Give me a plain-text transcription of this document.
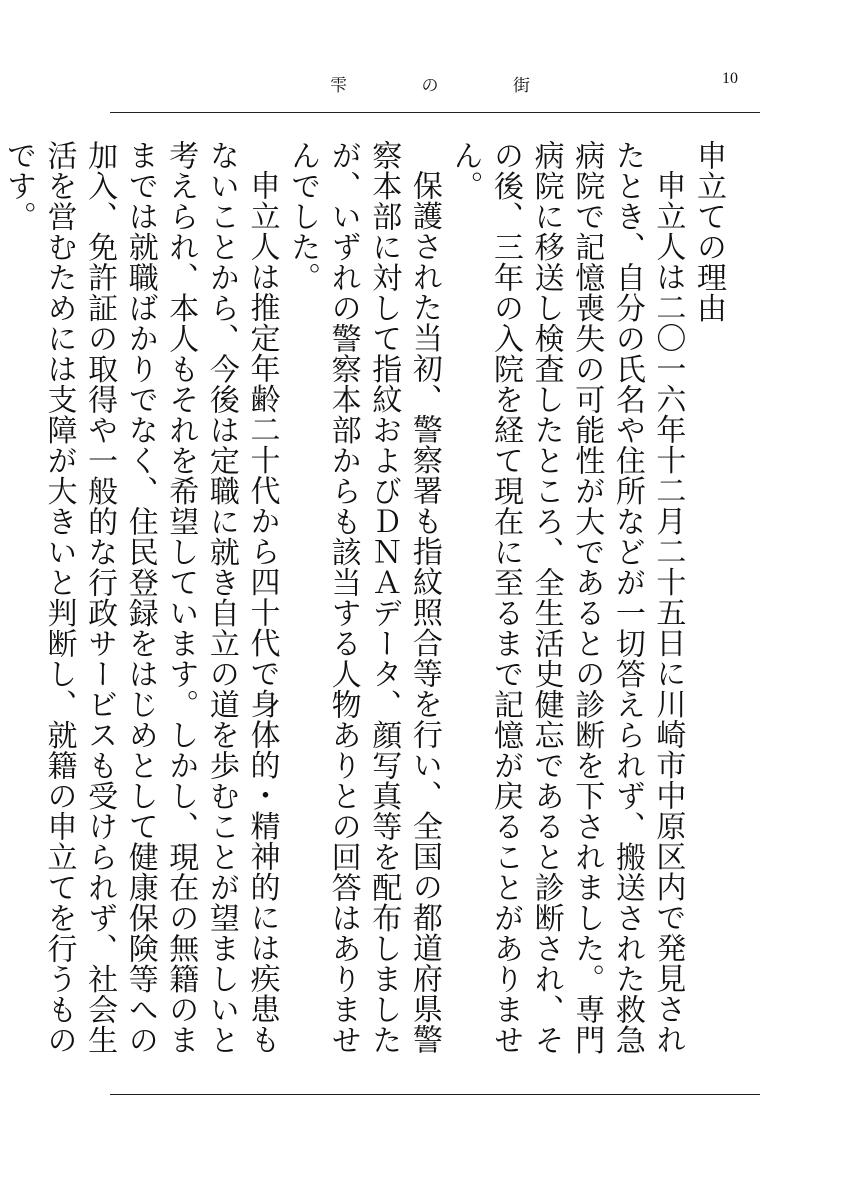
雫	の	街	10

申立ての理由

申立人は二〇一六年十二月二十五日に川崎市中原区内で発見されたとき、自分の氏名や住所などが一切答えられず、搬送された救急病院で記憶喪失の可能性が大であるとの診断を下されました。専門病院に移送し検査したところ、全生活史健忘であると診断され、その後、三年の入院を経て現在に至るまで記憶が戻ることがありません。

保護された当初、警察署も指紋照合等を行い、全国の都道府県警察本部に対して指紋およびＤＮＡデータ、顔写真等を配布しましたが、いずれの警察本部からも該当する人物ありとの回答はありませんでした。

申立人は推定年齢二十代から四十代で身体的・精神的には疾患もないことから、今後は定職に就き自立の道を歩むことが望ましいと考えられ、本人もそれを希望しています。しかし、現在の無籍のままでは就職ばかりでなく、住民登録をはじめとして健康保険等への加入、免許証の取得や一般的な行政サービスも受けられず、社会生活を営むためには支障が大きいと判断し、就籍の申立てを行うものです。
